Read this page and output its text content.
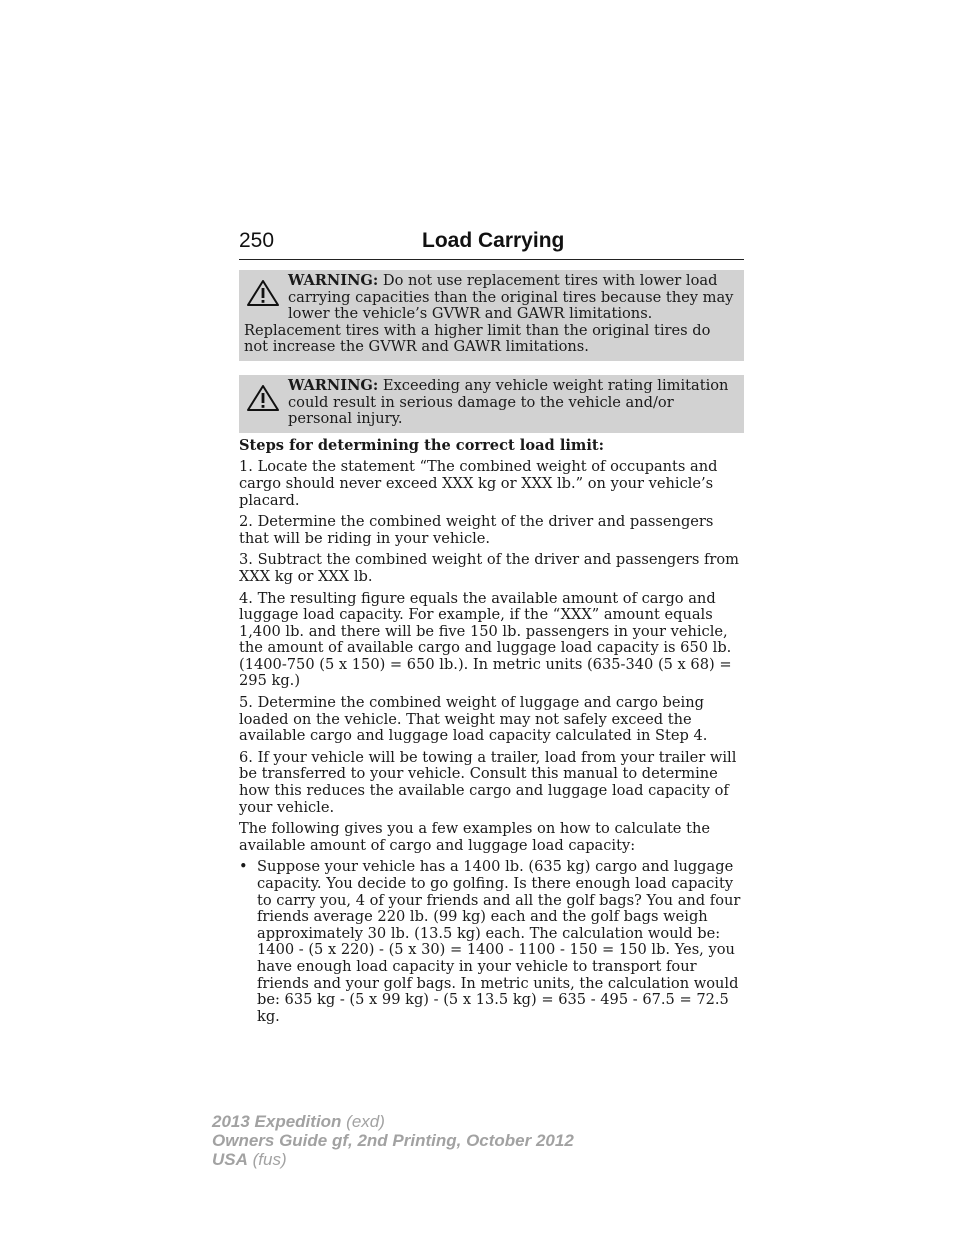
250	Load Carrying

WARNING: Do not use replacement tires with lower load carrying capacities than the original tires because they may lower the vehicle’s GVWR and GAWR limitations. Replacement tires with a higher limit than the original tires do not increase the GVWR and GAWR limitations.

WARNING: Exceeding any vehicle weight rating limitation could result in serious damage to the vehicle and/or personal injury.

Steps for determining the correct load limit:

1. Locate the statement “The combined weight of occupants and cargo should never exceed XXX kg or XXX lb.” on your vehicle’s placard.

2. Determine the combined weight of the driver and passengers that will be riding in your vehicle.

3. Subtract the combined weight of the driver and passengers from XXX kg or XXX lb.

4. The resulting figure equals the available amount of cargo and luggage load capacity. For example, if the “XXX” amount equals 1,400 lb. and there will be five 150 lb. passengers in your vehicle, the amount of available cargo and luggage load capacity is 650 lb. (1400-750 (5 x 150) = 650 lb.). In metric units (635-340 (5 x 68) = 295 kg.)

5. Determine the combined weight of luggage and cargo being loaded on the vehicle. That weight may not safely exceed the available cargo and luggage load capacity calculated in Step 4.

6. If your vehicle will be towing a trailer, load from your trailer will be transferred to your vehicle. Consult this manual to determine how this reduces the available cargo and luggage load capacity of your vehicle.

The following gives you a few examples on how to calculate the available amount of cargo and luggage load capacity:

• Suppose your vehicle has a 1400 lb. (635 kg) cargo and luggage capacity. You decide to go golfing. Is there enough load capacity to carry you, 4 of your friends and all the golf bags? You and four friends average 220 lb. (99 kg) each and the golf bags weigh approximately 30 lb. (13.5 kg) each. The calculation would be: 1400 - (5 x 220) - (5 x 30) = 1400 - 1100 - 150 = 150 lb. Yes, you have enough load capacity in your vehicle to transport four friends and your golf bags. In metric units, the calculation would be: 635 kg - (5 x 99 kg) - (5 x 13.5 kg) = 635 - 495 - 67.5 = 72.5 kg.
2013 Expedition (exd)
Owners Guide gf, 2nd Printing, October 2012
USA (fus)
